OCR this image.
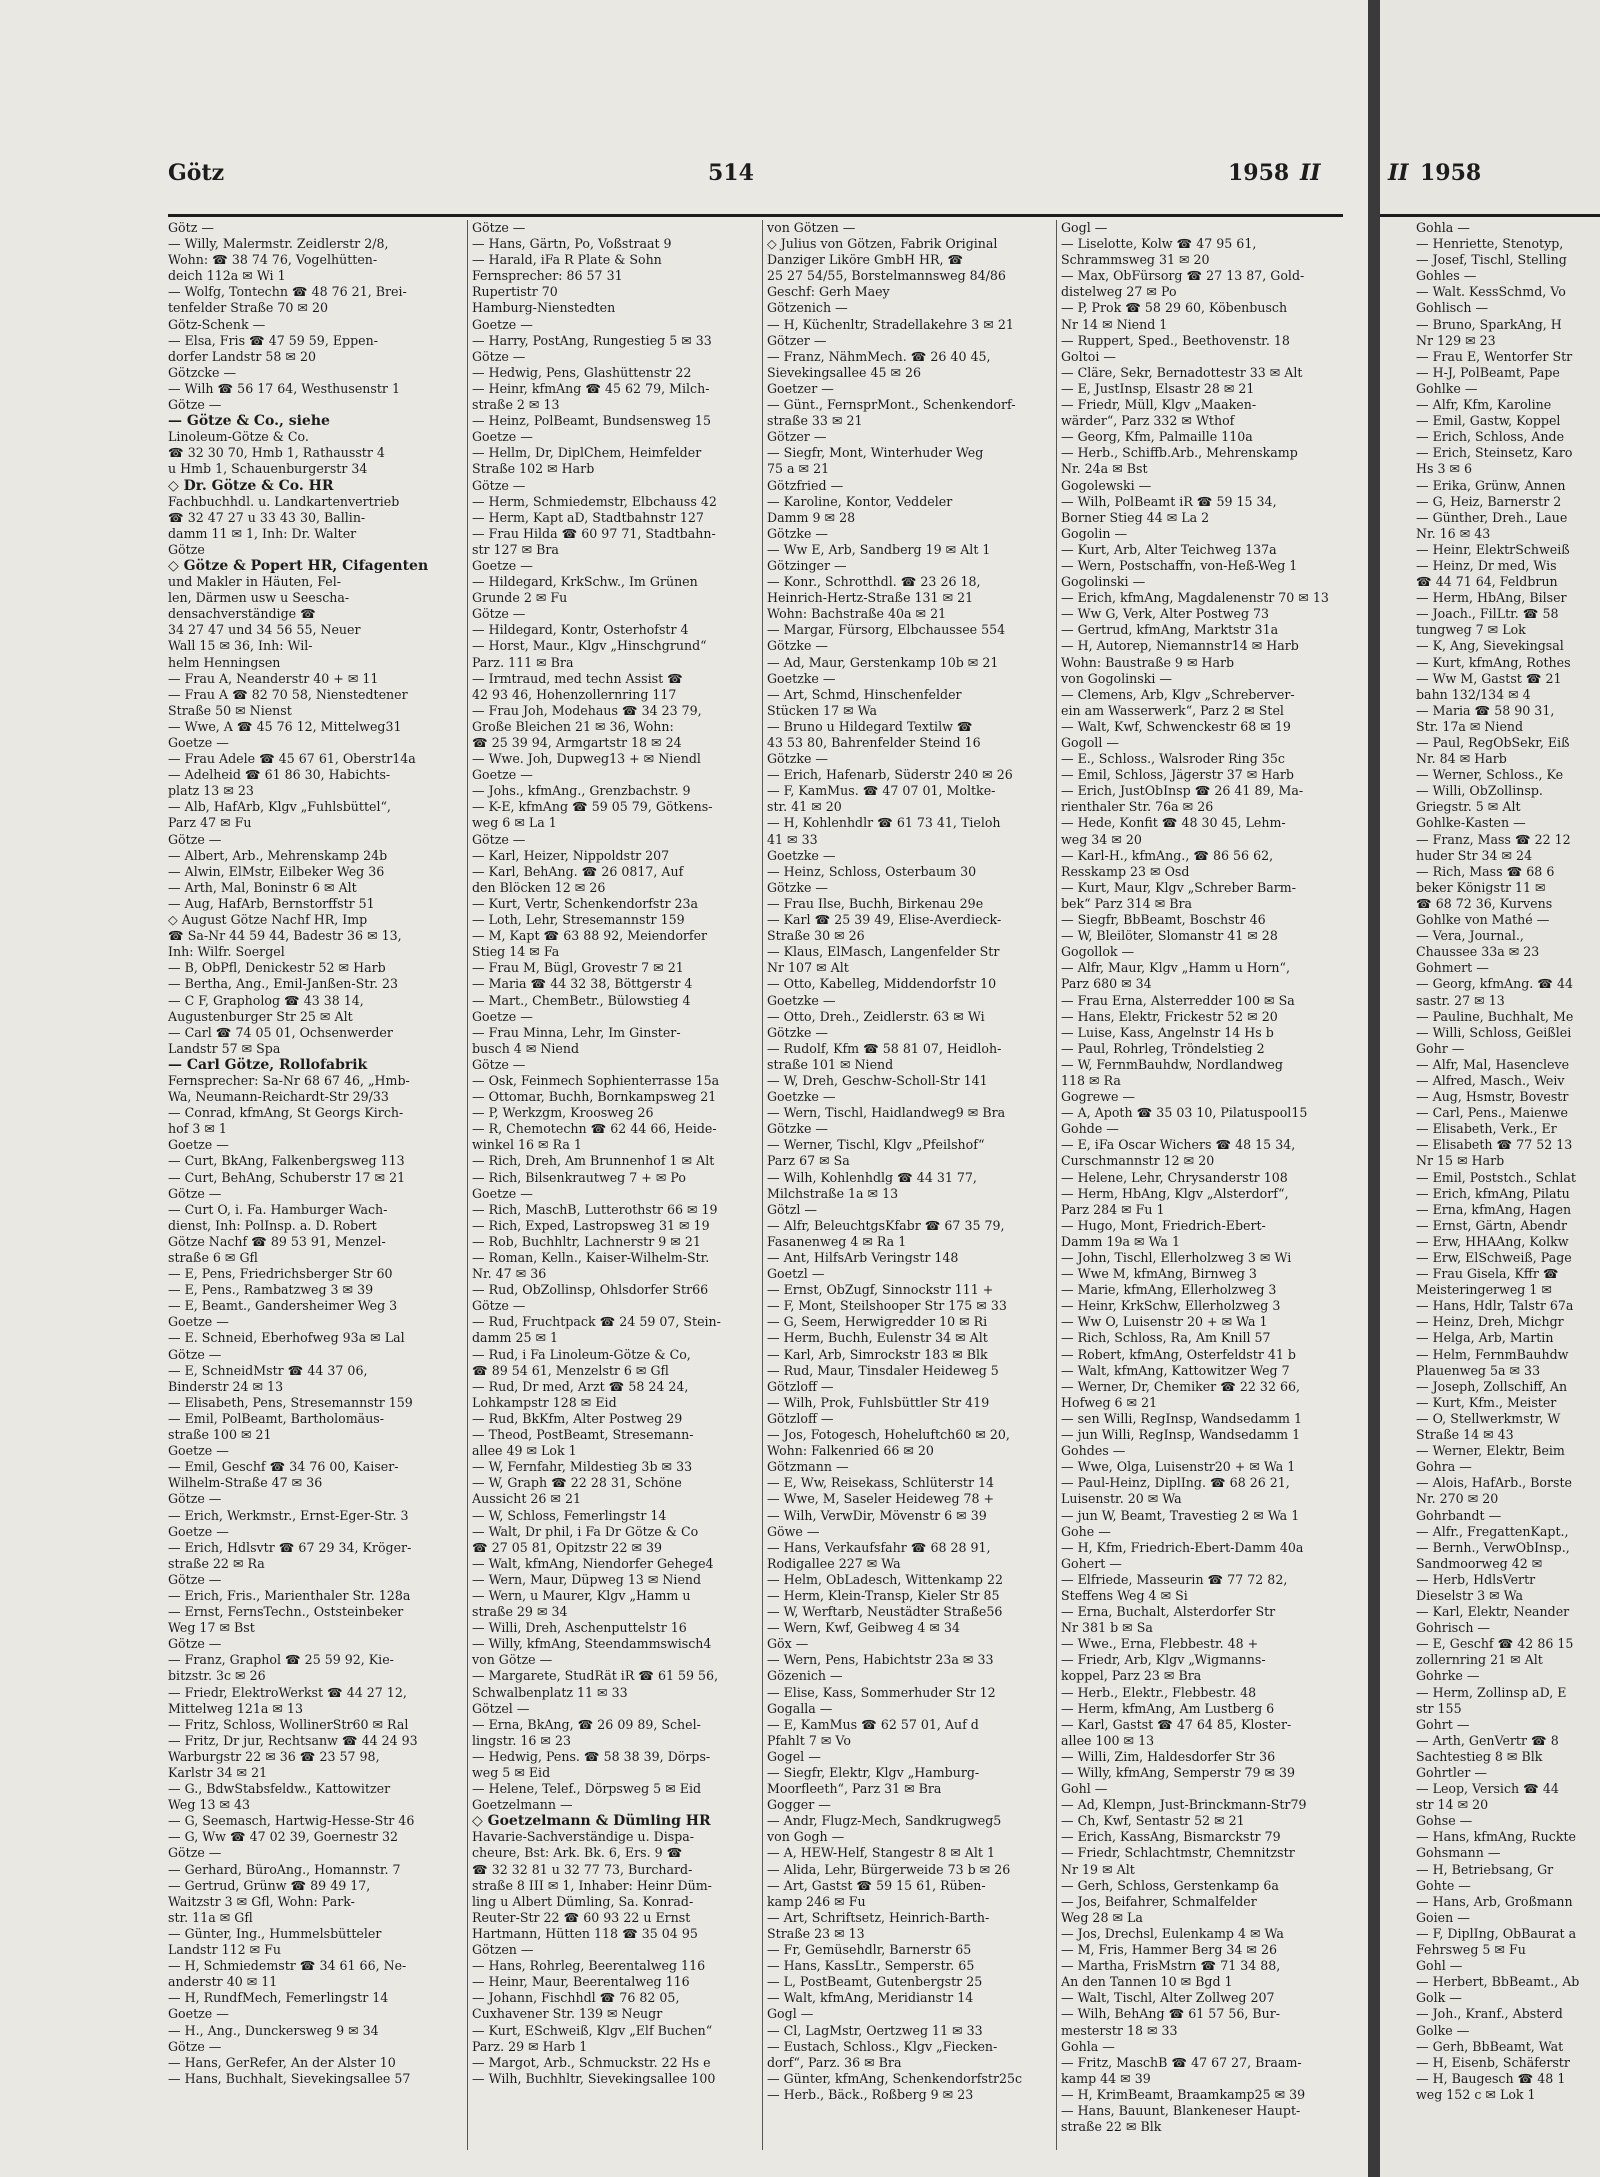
Götz	514	1958 II

Götz —

— Willy, Malermstr. Zeidlerstr 2/8,

Wohn: ☎ 38 74 76, Vogelhütten-

deich 112a ✉ Wi 1

— Wolfg, Tontechn ☎ 48 76 21, Brei-

tenfelder Straße 70 ✉ 20

Götz-Schenk —

— Elsa, Fris ☎ 47 59 59, Eppen-

dorfer Landstr 58 ✉ 20

Götzcke —

— Wilh ☎ 56 17 64, Westhusenstr 1

Götze —

— Götze & Co., siehe

Linoleum-Götze & Co.

☎ 32 30 70, Hmb 1, Rathausstr 4

u Hmb 1, Schauenburgerstr 34

◇ Dr. Götze & Co. HR

Fachbuchhdl. u. Landkartenvertrieb

☎ 32 47 27 u 33 43 30, Ballin-

damm 11 ✉ 1, Inh: Dr. Walter

Götze

◇ Götze & Popert HR, Cifagenten

und Makler in Häuten, Fel-

len, Därmen usw u Seescha-

densachverständige ☎

34 27 47 und 34 56 55, Neuer

Wall 15 ✉ 36, Inh: Wil-

helm Henningsen

— Frau A, Neanderstr 40 + ✉ 11

— Frau A ☎ 82 70 58, Nienstedtener

Straße 50 ✉ Nienst

— Wwe, A ☎ 45 76 12, Mittelweg31

Goetze —

— Frau Adele ☎ 45 67 61, Oberstr14a

— Adelheid ☎ 61 86 30, Habichts-

platz 13 ✉ 23

— Alb, HafArb, Klgv „Fuhlsbüttel“,

Parz 47 ✉ Fu

Götze —

— Albert, Arb., Mehrenskamp 24b

— Alwin, ElMstr, Eilbeker Weg 36

— Arth, Mal, Boninstr 6 ✉ Alt

— Aug, HafArb, Bernstorffstr 51

◇ August Götze Nachf HR, Imp

☎ Sa-Nr 44 59 44, Badestr 36 ✉ 13,

Inh: Wilfr. Soergel

— B, ObPfl, Denickestr 52 ✉ Harb

— Bertha, Ang., Emil-Janßen-Str. 23

— C F, Grapholog ☎ 43 38 14,

Augustenburger Str 25 ✉ Alt

— Carl ☎ 74 05 01, Ochsenwerder

Landstr 57 ✉ Spa

— Carl Götze, Rollofabrik

Fernsprecher: Sa-Nr 68 67 46, „Hmb-

Wa, Neumann-Reichardt-Str 29/33

— Conrad, kfmAng, St Georgs Kirch-

hof 3 ✉ 1

Goetze —

— Curt, BkAng, Falkenbergsweg 113

— Curt, BehAng, Schuberstr 17 ✉ 21

Götze —

— Curt O, i. Fa. Hamburger Wach-

dienst, Inh: PolInsp. a. D. Robert

Götze Nachf ☎ 89 53 91, Menzel-

straße 6 ✉ Gfl

— E, Pens, Friedrichsberger Str 60

— E, Pens., Rambatzweg 3 ✉ 39

— E, Beamt., Gandersheimer Weg 3

Goetze —

— E. Schneid, Eberhofweg 93a ✉ Lal

Götze —

— E, SchneidMstr ☎ 44 37 06,

Binderstr 24 ✉ 13

— Elisabeth, Pens, Stresemannstr 159

— Emil, PolBeamt, Bartholomäus-

straße 100 ✉ 21

Goetze —

— Emil, Geschf ☎ 34 76 00, Kaiser-

Wilhelm-Straße 47 ✉ 36

Götze —

— Erich, Werkmstr., Ernst-Eger-Str. 3

Goetze —

— Erich, Hdlsvtr ☎ 67 29 34, Kröger-

straße 22 ✉ Ra

Götze —

— Erich, Fris., Marienthaler Str. 128a

— Ernst, FernsTechn., Oststeinbeker

Weg 17 ✉ Bst

Götze —

— Franz, Graphol ☎ 25 59 92, Kie-

bitzstr. 3c ✉ 26

— Friedr, ElektroWerkst ☎ 44 27 12,

Mittelweg 121a ✉ 13

— Fritz, Schloss, WollinerStr60 ✉ Ral

— Fritz, Dr jur, Rechtsanw ☎ 44 24 93

Warburgstr 22 ✉ 36 ☎ 23 57 98,

Karlstr 34 ✉ 21

— G., BdwStabsfeldw., Kattowitzer

Weg 13 ✉ 43

— G, Seemasch, Hartwig-Hesse-Str 46

— G, Ww ☎ 47 02 39, Goernestr 32

Götze —

— Gerhard, BüroAng., Homannstr. 7

— Gertrud, Grünw ☎ 89 49 17,

Waitzstr 3 ✉ Gfl, Wohn: Park-

str. 11a ✉ Gfl

— Günter, Ing., Hummelsbütteler

Landstr 112 ✉ Fu

— H, Schmiedemstr ☎ 34 61 66, Ne-

anderstr 40 ✉ 11

— H, RundfMech, Femerlingstr 14

Goetze —

— H., Ang., Dunckersweg 9 ✉ 34

Götze —

— Hans, GerRefer, An der Alster 10

— Hans, Buchhalt, Sievekingsallee 57

Götze —

— Hans, Gärtn, Po, Voßstraat 9

— Harald, iFa R Plate & Sohn

Fernsprecher: 86 57 31

Rupertistr 70

Hamburg-Nienstedten

Goetze —

— Harry, PostAng, Rungestieg 5 ✉ 33

Götze —

— Hedwig, Pens, Glashüttenstr 22

— Heinr, kfmAng ☎ 45 62 79, Milch-

straße 2 ✉ 13

— Heinz, PolBeamt, Bundsensweg 15

Goetze —

— Hellm, Dr, DiplChem, Heimfelder

Straße 102 ✉ Harb

Götze —

— Herm, Schmiedemstr, Elbchauss 42

— Herm, Kapt aD, Stadtbahnstr 127

— Frau Hilda ☎ 60 97 71, Stadtbahn-

str 127 ✉ Bra

Goetze —

— Hildegard, KrkSchw., Im Grünen

Grunde 2 ✉ Fu

Götze —

— Hildegard, Kontr, Osterhofstr 4

— Horst, Maur., Klgv „Hinschgrund“

Parz. 111 ✉ Bra

— Irmtraud, med techn Assist ☎

42 93 46, Hohenzollernring 117

— Frau Joh, Modehaus ☎ 34 23 79,

Große Bleichen 21 ✉ 36, Wohn:

☎ 25 39 94, Armgartstr 18 ✉ 24

— Wwe. Joh, Dupweg13 + ✉ Niendl

Goetze —

— Johs., kfmAng., Grenzbachstr. 9

— K-E, kfmAng ☎ 59 05 79, Götkens-

weg 6 ✉ La 1

Götze —

— Karl, Heizer, Nippoldstr 207

— Karl, BehAng. ☎ 26 0817, Auf

den Blöcken 12 ✉ 26

— Kurt, Vertr, Schenkendorfstr 23a

— Loth, Lehr, Stresemannstr 159

— M, Kapt ☎ 63 88 92, Meiendorfer

Stieg 14 ✉ Fa

— Frau M, Bügl, Grovestr 7 ✉ 21

— Maria ☎ 44 32 38, Böttgerstr 4

— Mart., ChemBetr., Bülowstieg 4

Goetze —

— Frau Minna, Lehr, Im Ginster-

busch 4 ✉ Niend

Götze —

— Osk, Feinmech Sophienterrasse 15a

— Ottomar, Buchh, Bornkampsweg 21

— P, Werkzgm, Kroosweg 26

— R, Chemotechn ☎ 62 44 66, Heide-

winkel 16 ✉ Ra 1

— Rich, Dreh, Am Brunnenhof 1 ✉ Alt

— Rich, Bilsenkrautweg 7 + ✉ Po

Goetze —

— Rich, MaschB, Lutterothstr 66 ✉ 19

— Rich, Exped, Lastropsweg 31 ✉ 19

— Rob, Buchhltr, Lachnerstr 9 ✉ 21

— Roman, Kelln., Kaiser-Wilhelm-Str.

Nr. 47 ✉ 36

— Rud, ObZollinsp, Ohlsdorfer Str66

Götze —

— Rud, Fruchtpack ☎ 24 59 07, Stein-

damm 25 ✉ 1

— Rud, i Fa Linoleum-Götze & Co,

☎ 89 54 61, Menzelstr 6 ✉ Gfl

— Rud, Dr med, Arzt ☎ 58 24 24,

Lohkampstr 128 ✉ Eid

— Rud, BkKfm, Alter Postweg 29

— Theod, PostBeamt, Stresemann-

allee 49 ✉ Lok 1

— W, Fernfahr, Mildestieg 3b ✉ 33

— W, Graph ☎ 22 28 31, Schöne

Aussicht 26 ✉ 21

— W, Schloss, Femerlingstr 14

— Walt, Dr phil, i Fa Dr Götze & Co

☎ 27 05 81, Opitzstr 22 ✉ 39

— Walt, kfmAng, Niendorfer Gehege4

— Wern, Maur, Düpweg 13 ✉ Niend

— Wern, u Maurer, Klgv „Hamm u

straße 29 ✉ 34

— Willi, Dreh, Aschenputtelstr 16

— Willy, kfmAng, Steendammswisch4

von Götze —

— Margarete, StudRät iR ☎ 61 59 56,

Schwalbenplatz 11 ✉ 33

Götzel —

— Erna, BkAng, ☎ 26 09 89, Schel-

lingstr. 16 ✉ 23

— Hedwig, Pens. ☎ 58 38 39, Dörps-

weg 5 ✉ Eid

— Helene, Telef., Dörpsweg 5 ✉ Eid

Goetzelmann —

◇ Goetzelmann & Dümling HR

Havarie-Sachverständige u. Dispa-

cheure, Bst: Ark. Bk. 6, Ers. 9 ☎

☎ 32 32 81 u 32 77 73, Burchard-

straße 8 III ✉ 1, Inhaber: Heinr Düm-

ling u Albert Dümling, Sa. Konrad-

Reuter-Str 22 ☎ 60 93 22 u Ernst

Hartmann, Hütten 118 ☎ 35 04 95

Götzen —

— Hans, Rohrleg, Beerentalweg 116

— Heinr, Maur, Beerentalweg 116

— Johann, Fischhdl ☎ 76 82 05,

Cuxhavener Str. 139 ✉ Neugr

— Kurt, ESchweiß, Klgv „Elf Buchen“

Parz. 29 ✉ Harb 1

— Margot, Arb., Schmuckstr. 22 Hs e

— Wilh, Buchhltr, Sievekingsallee 100

von Götzen —

◇ Julius von Götzen, Fabrik Original

Danziger Liköre GmbH HR, ☎

25 27 54/55, Borstelmannsweg 84/86

Geschf: Gerh Maey

Götzenich —

— H, Küchenltr, Stradellakehre 3 ✉ 21

Götzer —

— Franz, NähmMech. ☎ 26 40 45,

Sievekingsallee 45 ✉ 26

Goetzer —

— Günt., FernsprMont., Schenkendorf-

straße 33 ✉ 21

Götzer —

— Siegfr, Mont, Winterhuder Weg

75 a ✉ 21

Götzfried —

— Karoline, Kontor, Veddeler

Damm 9 ✉ 28

Götzke —

— Ww E, Arb, Sandberg 19 ✉ Alt 1

Götzinger —

— Konr., Schrotthdl. ☎ 23 26 18,

Heinrich-Hertz-Straße 131 ✉ 21

Wohn: Bachstraße 40a ✉ 21

— Margar, Fürsorg, Elbchaussee 554

Götzke —

— Ad, Maur, Gerstenkamp 10b ✉ 21

Goetzke —

— Art, Schmd, Hinschenfelder

Stücken 17 ✉ Wa

— Bruno u Hildegard Textilw ☎

43 53 80, Bahrenfelder Steind 16

Götzke —

— Erich, Hafenarb, Süderstr 240 ✉ 26

— F, KamMus. ☎ 47 07 01, Moltke-

str. 41 ✉ 20

— H, Kohlenhdlr ☎ 61 73 41, Tieloh

41 ✉ 33

Goetzke —

— Heinz, Schloss, Osterbaum 30

Götzke —

— Frau Ilse, Buchh, Birkenau 29e

— Karl ☎ 25 39 49, Elise-Averdieck-

Straße 30 ✉ 26

— Klaus, ElMasch, Langenfelder Str

Nr 107 ✉ Alt

— Otto, Kabelleg, Middendorfstr 10

Goetzke —

— Otto, Dreh., Zeidlerstr. 63 ✉ Wi

Götzke —

— Rudolf, Kfm ☎ 58 81 07, Heidloh-

straße 101 ✉ Niend

— W, Dreh, Geschw-Scholl-Str 141

Goetzke —

— Wern, Tischl, Haidlandweg9 ✉ Bra

Götzke —

— Werner, Tischl, Klgv „Pfeilshof“

Parz 67 ✉ Sa

— Wilh, Kohlenhdlg ☎ 44 31 77,

Milchstraße 1a ✉ 13

Götzl —

— Alfr, BeleuchtgsKfabr ☎ 67 35 79,

Fasanenweg 4 ✉ Ra 1

— Ant, HilfsArb Veringstr 148

Goetzl —

— Ernst, ObZugf, Sinnockstr 111 +

— F, Mont, Steilshooper Str 175 ✉ 33

— G, Seem, Herwigredder 10 ✉ Ri

— Herm, Buchh, Eulenstr 34 ✉ Alt

— Karl, Arb, Simrockstr 183 ✉ Blk

— Rud, Maur, Tinsdaler Heideweg 5

Götzloff —

— Wilh, Prok, Fuhlsbüttler Str 419

Götzloff —

— Jos, Fotogesch, Hoheluftch60 ✉ 20,

Wohn: Falkenried 66 ✉ 20

Götzmann —

— E, Ww, Reisekass, Schlüterstr 14

— Wwe, M, Saseler Heideweg 78 +

— Wilh, VerwDir, Mövenstr 6 ✉ 39

Göwe —

— Hans, Verkaufsfahr ☎ 68 28 91,

Rodigallee 227 ✉ Wa

— Helm, ObLadesch, Wittenkamp 22

— Herm, Klein-Transp, Kieler Str 85

— W, Werftarb, Neustädter Straße56

— Wern, Kwf, Geibweg 4 ✉ 34

Göx —

— Wern, Pens, Habichtstr 23a ✉ 33

Gözenich —

— Elise, Kass, Sommerhuder Str 12

Gogalla —

— E, KamMus ☎ 62 57 01, Auf d

Pfahlt 7 ✉ Vo

Gogel —

— Siegfr, Elektr, Klgv „Hamburg-

Moorfleeth“, Parz 31 ✉ Bra

Gogger —

— Andr, Flugz-Mech, Sandkrugweg5

von Gogh —

— A, HEW-Helf, Stangestr 8 ✉ Alt 1

— Alida, Lehr, Bürgerweide 73 b ✉ 26

— Art, Gastst ☎ 59 15 61, Rüben-

kamp 246 ✉ Fu

— Art, Schriftsetz, Heinrich-Barth-

Straße 23 ✉ 13

— Fr, Gemüsehdlr, Barnerstr 65

— Hans, KassLtr., Semperstr. 65

— L, PostBeamt, Gutenbergstr 25

— Walt, kfmAng, Meridianstr 14

Gogl —

— Cl, LagMstr, Oertzweg 11 ✉ 33

— Eustach, Schloss., Klgv „Fiecken-

dorf“, Parz. 36 ✉ Bra

— Günter, kfmAng, Schenkendorfstr25c

— Herb., Bäck., Roßberg 9 ✉ 23

Gogl —

— Liselotte, Kolw ☎ 47 95 61,

Schrammsweg 31 ✉ 20

— Max, ObFürsorg ☎ 27 13 87, Gold-

distelweg 27 ✉ Po

— P, Prok ☎ 58 29 60, Köbenbusch

Nr 14 ✉ Niend 1

— Ruppert, Sped., Beethovenstr. 18

Goltoi —

— Cläre, Sekr, Bernadottestr 33 ✉ Alt

— E, JustInsp, Elsastr 28 ✉ 21

— Friedr, Müll, Klgv „Maaken-

wärder“, Parz 332 ✉ Wthof

— Georg, Kfm, Palmaille 110a

— Herb., Schiffb.Arb., Mehrenskamp

Nr. 24a ✉ Bst

Gogolewski —

— Wilh, PolBeamt iR ☎ 59 15 34,

Borner Stieg 44 ✉ La 2

Gogolin —

— Kurt, Arb, Alter Teichweg 137a

— Wern, Postschaffn, von-Heß-Weg 1

Gogolinski —

— Erich, kfmAng, Magdalenenstr 70 ✉ 13

— Ww G, Verk, Alter Postweg 73

— Gertrud, kfmAng, Marktstr 31a

— H, Autorep, Niemannstr14 ✉ Harb

Wohn: Baustraße 9 ✉ Harb

von Gogolinski —

— Clemens, Arb, Klgv „Schreberver-

ein am Wasserwerk“, Parz 2 ✉ Stel

— Walt, Kwf, Schwenckestr 68 ✉ 19

Gogoll —

— E., Schloss., Walsroder Ring 35c

— Emil, Schloss, Jägerstr 37 ✉ Harb

— Erich, JustObInsp ☎ 26 41 89, Ma-

rienthaler Str. 76a ✉ 26

— Hede, Konfit ☎ 48 30 45, Lehm-

weg 34 ✉ 20

— Karl-H., kfmAng., ☎ 86 56 62,

Resskamp 23 ✉ Osd

— Kurt, Maur, Klgv „Schreber Barm-

bek“ Parz 314 ✉ Bra

— Siegfr, BbBeamt, Boschstr 46

— W, Bleilöter, Slomanstr 41 ✉ 28

Gogollok —

— Alfr, Maur, Klgv „Hamm u Horn“,

Parz 680 ✉ 34

— Frau Erna, Alsterredder 100 ✉ Sa

— Hans, Elektr, Frickestr 52 ✉ 20

— Luise, Kass, Angelnstr 14 Hs b

— Paul, Rohrleg, Tröndelstieg 2

— W, FernmBauhdw, Nordlandweg

118 ✉ Ra

Gogrewe —

— A, Apoth ☎ 35 03 10, Pilatuspool15

Gohde —

— E, iFa Oscar Wichers ☎ 48 15 34,

Curschmannstr 12 ✉ 20

— Helene, Lehr, Chrysanderstr 108

— Herm, HbAng, Klgv „Alsterdorf“,

Parz 284 ✉ Fu 1

— Hugo, Mont, Friedrich-Ebert-

Damm 19a ✉ Wa 1

— John, Tischl, Ellerholzweg 3 ✉ Wi

— Wwe M, kfmAng, Birnweg 3

— Marie, kfmAng, Ellerholzweg 3

— Heinr, KrkSchw, Ellerholzweg 3

— Ww O, Luisenstr 20 + ✉ Wa 1

— Rich, Schloss, Ra, Am Knill 57

— Robert, kfmAng, Osterfeldstr 41 b

— Walt, kfmAng, Kattowitzer Weg 7

— Werner, Dr, Chemiker ☎ 22 32 66,

Hofweg 6 ✉ 21

— sen Willi, RegInsp, Wandsedamm 1

— jun Willi, RegInsp, Wandsedamm 1

Gohdes —

— Wwe, Olga, Luisenstr20 + ✉ Wa 1

— Paul-Heinz, DiplIng. ☎ 68 26 21,

Luisenstr. 20 ✉ Wa

— jun W, Beamt, Travestieg 2 ✉ Wa 1

Gohe —

— H, Kfm, Friedrich-Ebert-Damm 40a

Gohert —

— Elfriede, Masseurin ☎ 77 72 82,

Steffens Weg 4 ✉ Si

— Erna, Buchalt, Alsterdorfer Str

Nr 381 b ✉ Sa

— Wwe., Erna, Flebbestr. 48 +

— Friedr, Arb, Klgv „Wigmanns-

koppel, Parz 23 ✉ Bra

— Herb., Elektr., Flebbestr. 48

— Herm, kfmAng, Am Lustberg 6

— Karl, Gastst ☎ 47 64 85, Kloster-

allee 100 ✉ 13

— Willi, Zim, Haldesdorfer Str 36

— Willy, kfmAng, Semperstr 79 ✉ 39

Gohl —

— Ad, Klempn, Just-Brinckmann-Str79

— Ch, Kwf, Sentastr 52 ✉ 21

— Erich, KassAng, Bismarckstr 79

— Friedr, Schlachtmstr, Chemnitzstr

Nr 19 ✉ Alt

— Gerh, Schloss, Gerstenkamp 6a

— Jos, Beifahrer, Schmalfelder

Weg 28 ✉ La

— Jos, Drechsl, Eulenkamp 4 ✉ Wa

— M, Fris, Hammer Berg 34 ✉ 26

— Martha, FrisMstrn ☎ 71 34 88,

An den Tannen 10 ✉ Bgd 1

— Walt, Tischl, Alter Zollweg 207

— Wilh, BehAng ☎ 61 57 56, Bur-

mesterstr 18 ✉ 33

Gohla —

— Fritz, MaschB ☎ 47 67 27, Braam-

kamp 44 ✉ 39

— H, KrimBeamt, Braamkamp25 ✉ 39

— Hans, Bauunt, Blankeneser Haupt-

straße 22 ✉ Blk

II 1958

Gohla —

— Henriette, Stenotyp,

— Josef, Tischl, Stelling

Gohles —

— Walt. KessSchmd, Vo

Gohlisch —

— Bruno, SparkAng, H

Nr 129 ✉ 23

— Frau E, Wentorfer Str

— H-J, PolBeamt, Pape

Gohlke —

— Alfr, Kfm, Karoline

— Emil, Gastw, Koppel

— Erich, Schloss, Ande

— Erich, Steinsetz, Karo

Hs 3 ✉ 6

— Erika, Grünw, Annen

— G, Heiz, Barnerstr 2

— Günther, Dreh., Laue

Nr. 16 ✉ 43

— Heinr, ElektrSchweiß

— Heinz, Dr med, Wis

☎ 44 71 64, Feldbrun

— Herm, HbAng, Bilser

— Joach., FilLtr. ☎ 58

tungweg 7 ✉ Lok

— K, Ang, Sievekingsal

— Kurt, kfmAng, Rothes

— Ww M, Gastst ☎ 21

bahn 132/134 ✉ 4

— Maria ☎ 58 90 31,

Str. 17a ✉ Niend

— Paul, RegObSekr, Eiß

Nr. 84 ✉ Harb

— Werner, Schloss., Ke

— Willi, ObZollinsp.

Griegstr. 5 ✉ Alt

Gohlke-Kasten —

— Franz, Mass ☎ 22 12

huder Str 34 ✉ 24

— Rich, Mass ☎ 68 6

beker Königstr 11 ✉

☎ 68 72 36, Kurvens

Gohlke von Mathé —

— Vera, Journal.,

Chaussee 33a ✉ 23

Gohmert —

— Georg, kfmAng. ☎ 44

sastr. 27 ✉ 13

— Pauline, Buchhalt, Me

— Willi, Schloss, Geißlei

Gohr —

— Alfr, Mal, Hasencleve

— Alfred, Masch., Weiv

— Aug, Hsmstr, Bovestr

— Carl, Pens., Maienwe

— Elisabeth, Verk., Er

— Elisabeth ☎ 77 52 13

Nr 15 ✉ Harb

— Emil, Poststch., Schlat

— Erich, kfmAng, Pilatu

— Erna, kfmAng, Hagen

— Ernst, Gärtn, Abendr

— Erw, HHAAng, Kolkw

— Erw, ElSchweiß, Page

— Frau Gisela, Kffr ☎

Meisteringerweg 1 ✉

— Hans, Hdlr, Talstr 67a

— Heinz, Dreh, Michgr

— Helga, Arb, Martin

— Helm, FernmBauhdw

Plauenweg 5a ✉ 33

— Joseph, Zollschiff, An

— Kurt, Kfm., Meister

— O, Stellwerkmstr, W

Straße 14 ✉ 43

— Werner, Elektr, Beim

Gohra —

— Alois, HafArb., Borste

Nr. 270 ✉ 20

Gohrbandt —

— Alfr., FregattenKapt.,

— Bernh., VerwObInsp.,

Sandmoorweg 42 ✉

— Herb, HdlsVertr

Dieselstr 3 ✉ Wa

— Karl, Elektr, Neander

Gohrisch —

— E, Geschf ☎ 42 86 15

zollernring 21 ✉ Alt

Gohrke —

— Herm, Zollinsp aD, E

str 155

Gohrt —

— Arth, GenVertr ☎ 8

Sachtestieg 8 ✉ Blk

Gohrtler —

— Leop, Versich ☎ 44

str 14 ✉ 20

Gohse —

— Hans, kfmAng, Ruckte

Gohsmann —

— H, Betriebsang, Gr

Gohte —

— Hans, Arb, Großmann

Goien —

— F, DiplIng, ObBaurat a

Fehrsweg 5 ✉ Fu

Gohl —

— Herbert, BbBeamt., Ab

Golk —

— Joh., Kranf., Absterd

Golke —

— Gerh, BbBeamt, Wat

— H, Eisenb, Schäferstr

— H, Baugesch ☎ 48 1

weg 152 c ✉ Lok 1
